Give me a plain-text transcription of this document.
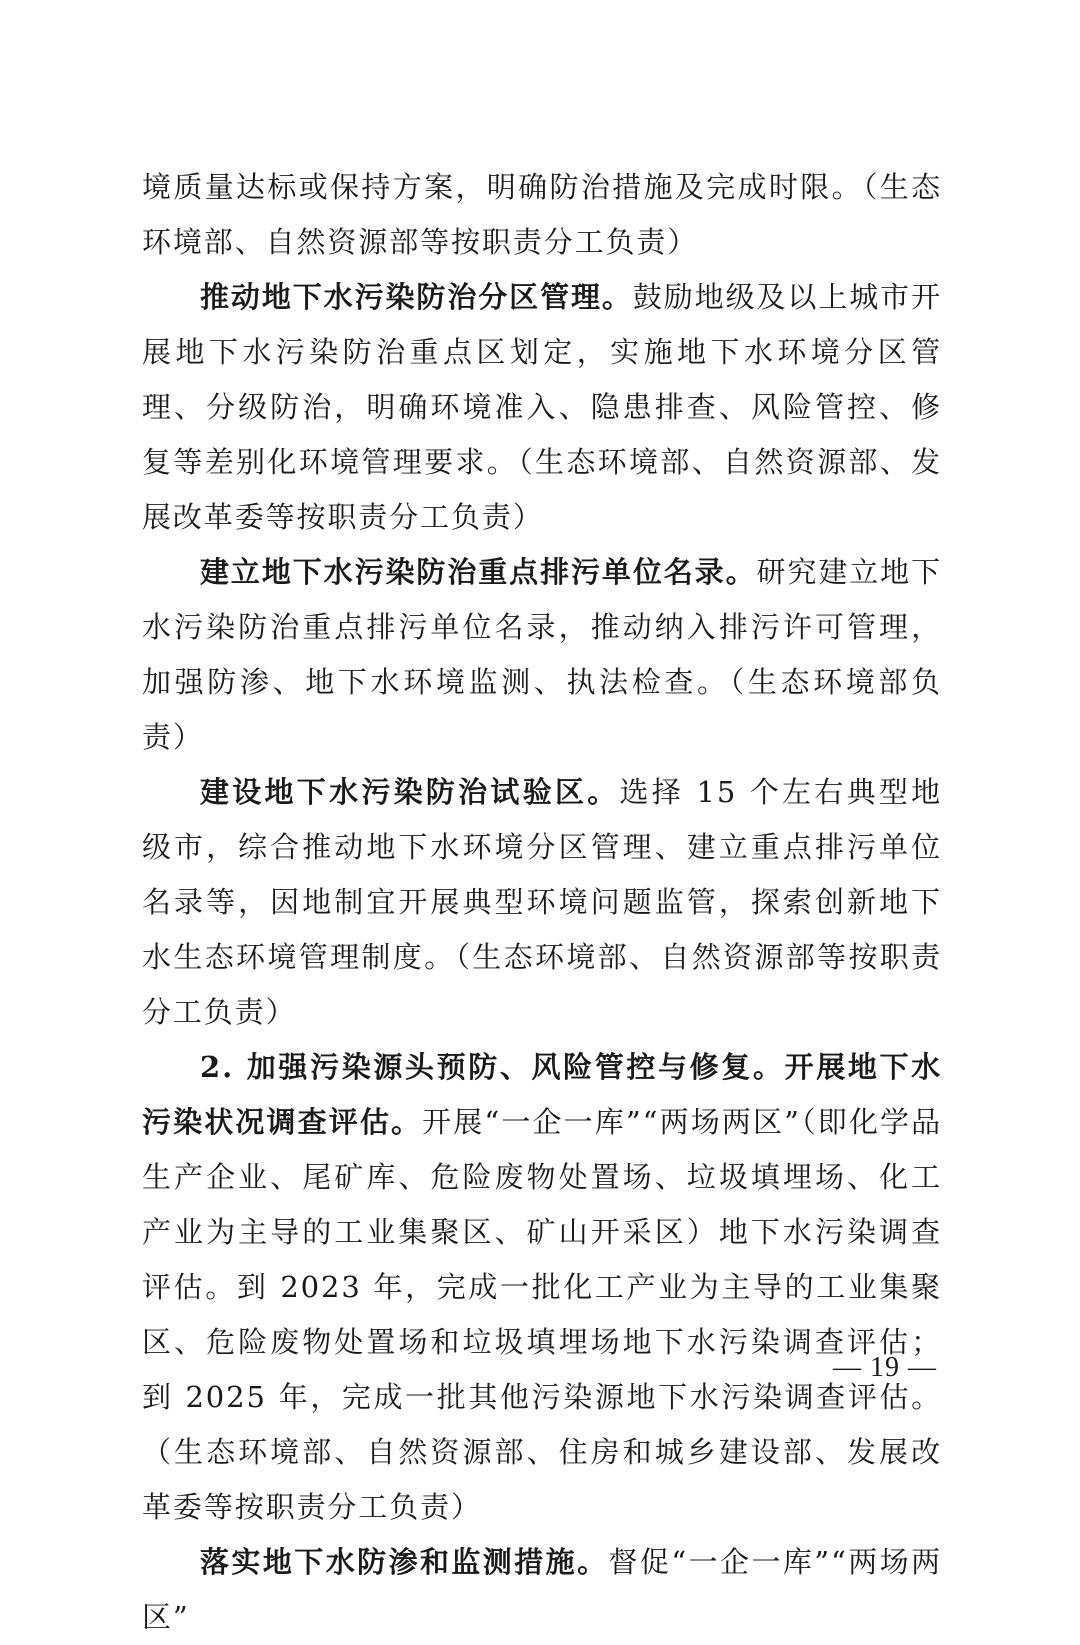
境质量达标或保持方案，明确防治措施及完成时限。（生态环境部、自然资源部等按职责分工负责）

推动地下水污染防治分区管理。鼓励地级及以上城市开展地下水污染防治重点区划定，实施地下水环境分区管理、分级防治，明确环境准入、隐患排查、风险管控、修复等差别化环境管理要求。（生态环境部、自然资源部、发展改革委等按职责分工负责）

建立地下水污染防治重点排污单位名录。研究建立地下水污染防治重点排污单位名录，推动纳入排污许可管理，加强防渗、地下水环境监测、执法检查。（生态环境部负责）

建设地下水污染防治试验区。选择 15 个左右典型地级市，综合推动地下水环境分区管理、建立重点排污单位名录等，因地制宜开展典型环境问题监管，探索创新地下水生态环境管理制度。（生态环境部、自然资源部等按职责分工负责）

2. 加强污染源头预防、风险管控与修复。开展地下水污染状况调查评估。开展“一企一库”“两场两区”（即化学品生产企业、尾矿库、危险废物处置场、垃圾填埋场、化工产业为主导的工业集聚区、矿山开采区）地下水污染调查评估。到 2023 年，完成一批化工产业为主导的工业集聚区、危险废物处置场和垃圾填埋场地下水污染调查评估；到 2025 年，完成一批其他污染源地下水污染调查评估。（生态环境部、自然资源部、住房和城乡建设部、发展改革委等按职责分工负责）

落实地下水防渗和监测措施。督促“一企一库”“两场两区”

— 19 —
